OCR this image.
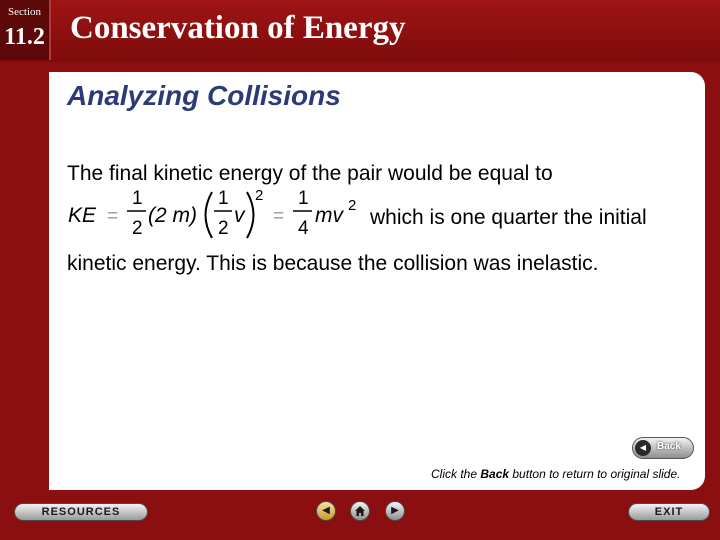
Section
11.2 Conservation of Energy
Analyzing Collisions
The final kinetic energy of the pair would be equal to
KE =
1
2
(2 m)
1
2
v
2
=
1
4
mv 2
which is one quarter the initial
kinetic energy. This is because the collision was inelastic.
◀	Back
Click the Back button to return to original slide.
RESOURCES	◀	▶	EXIT
